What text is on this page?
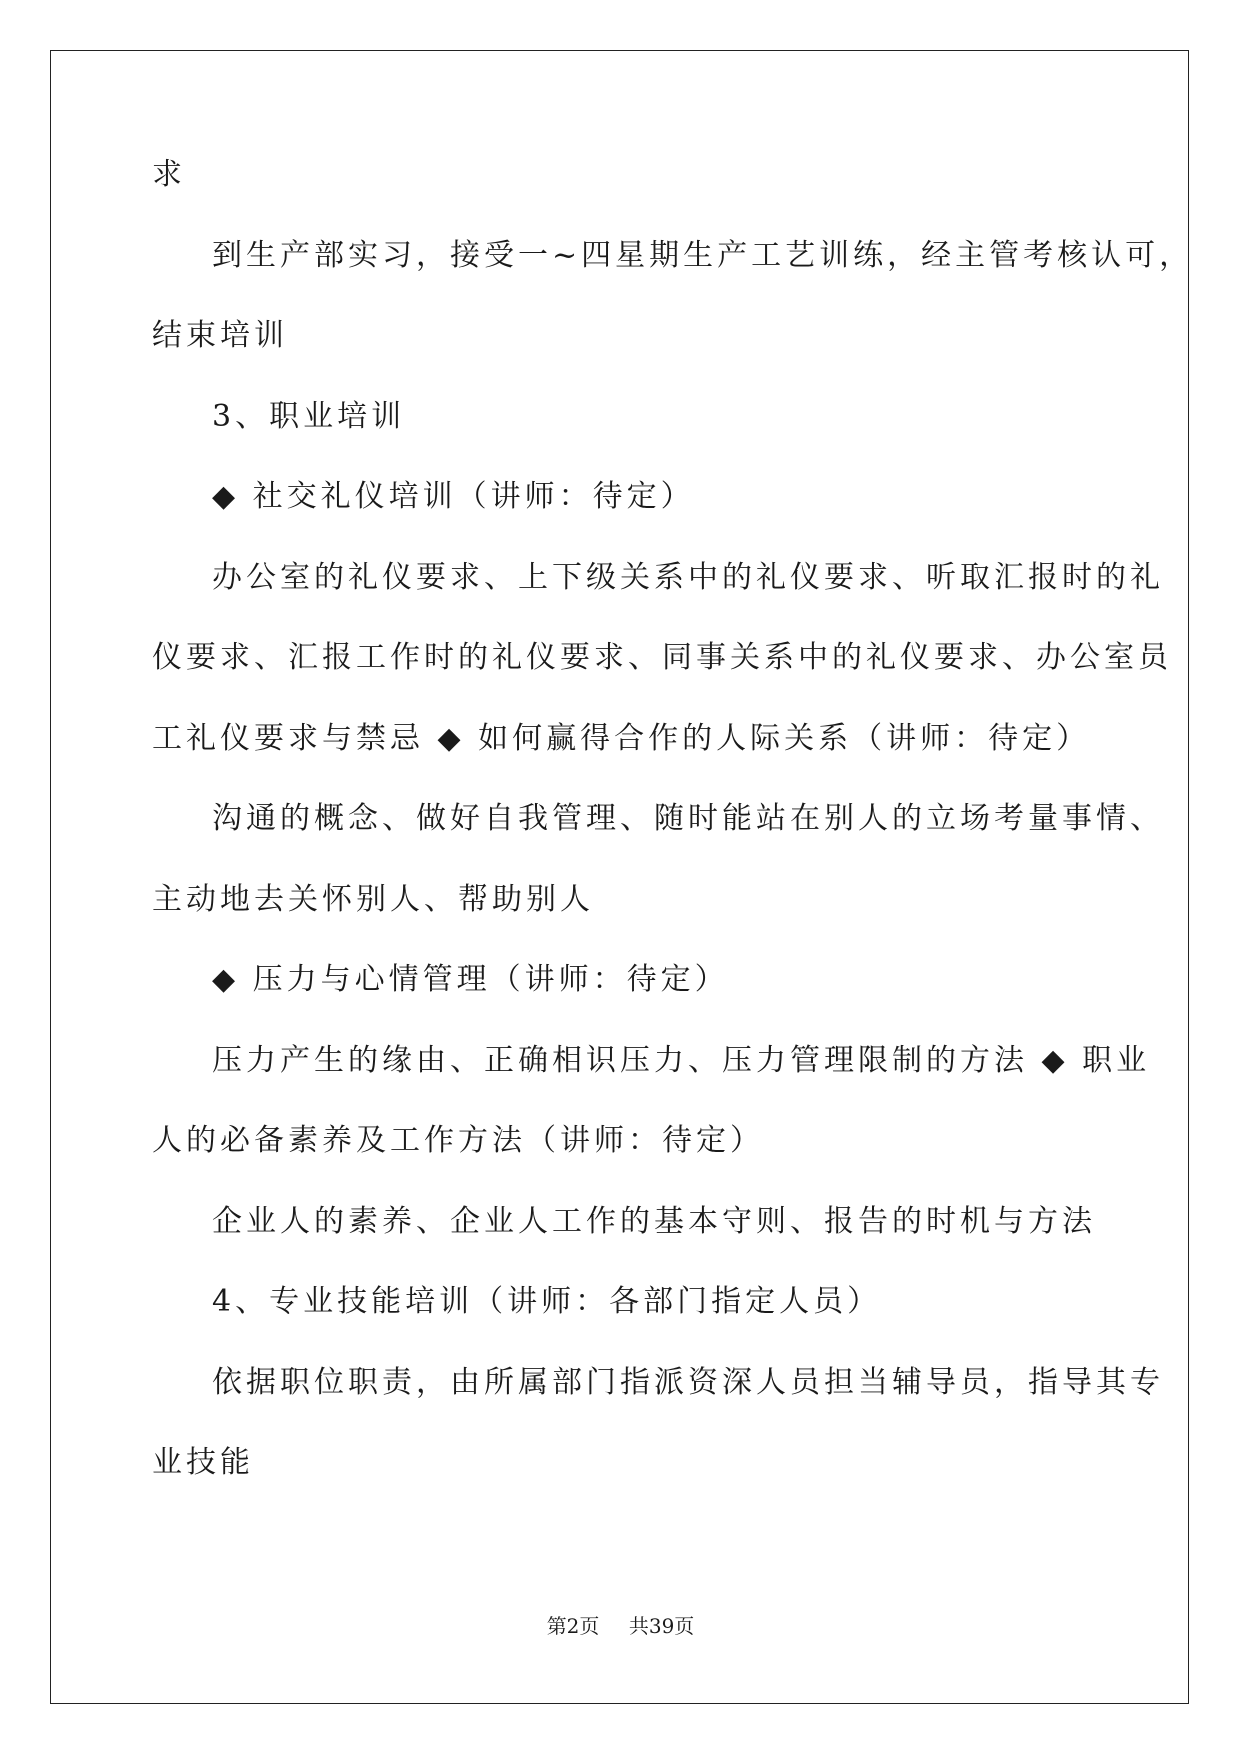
求
到生产部实习，接受一~四星期生产工艺训练，经主管考核认可，
结束培训
3、职业培训
◆ 社交礼仪培训（讲师：待定）
办公室的礼仪要求、上下级关系中的礼仪要求、听取汇报时的礼
仪要求、汇报工作时的礼仪要求、同事关系中的礼仪要求、办公室员
工礼仪要求与禁忌 ◆ 如何赢得合作的人际关系（讲师：待定）
沟通的概念、做好自我管理、随时能站在别人的立场考量事情、
主动地去关怀别人、帮助别人
◆ 压力与心情管理（讲师：待定）
压力产生的缘由、正确相识压力、压力管理限制的方法 ◆ 职业
人的必备素养及工作方法（讲师：待定）
企业人的素养、企业人工作的基本守则、报告的时机与方法
4、专业技能培训（讲师：各部门指定人员）
依据职位职责，由所属部门指派资深人员担当辅导员，指导其专
业技能
第2页 共39页
